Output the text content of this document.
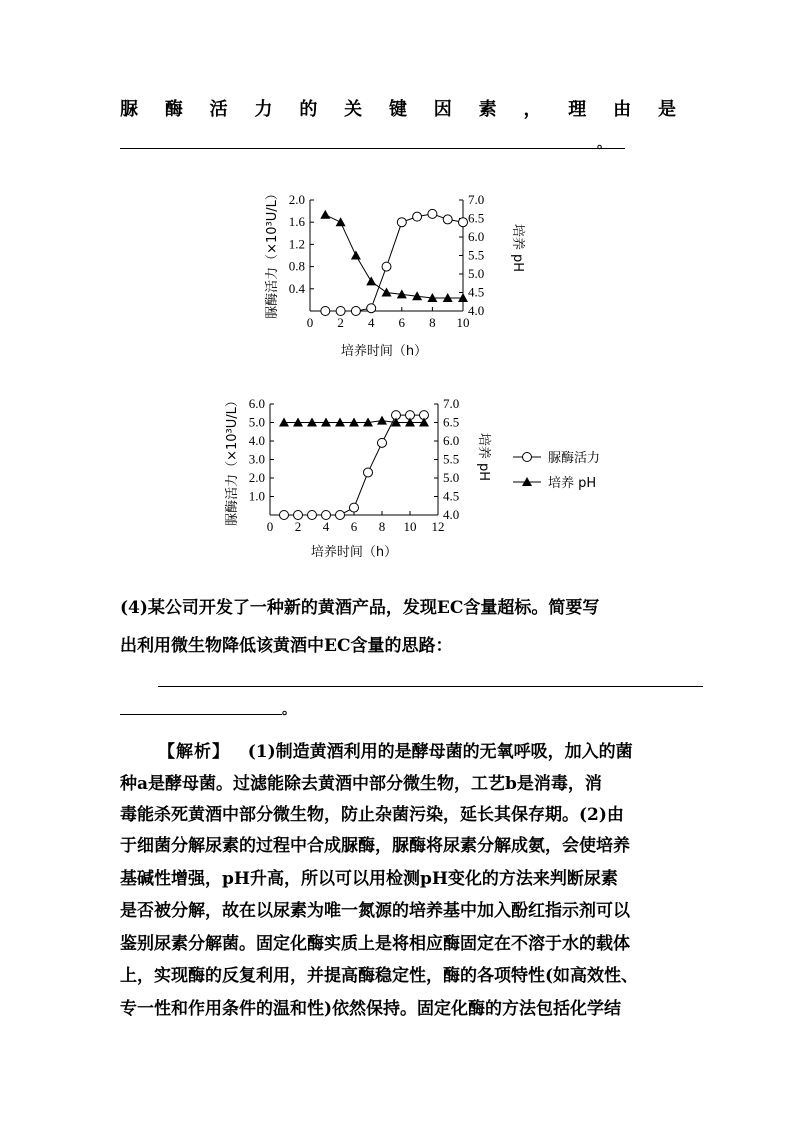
脲 酶 活 力 的 关 键 因 素 ， 理 由 是
。
0 2 4 6 8 10
0.4
0.8
1.2
1.6
2.0
4.0
4.5
5.0
5.5
6.0
6.5
7.0
培养时间（h）
脲酶活力（×10³U/L）	培养 pH
0 2 4 6 8 10 12
1.0
2.0
3.0
4.0
5.0
6.0
4.0
4.5
5.0
5.5
6.0
6.5
7.0
培养时间（h）
脲酶活力（×10³U/L）	培养 pH	脲酶活力
培养 pH
(4)某公司开发了一种新的黄酒产品，发现EC含量超标。简要写
出利用微生物降低该黄酒中EC含量的思路：
。
【解析】 (1)制造黄酒利用的是酵母菌的无氧呼吸，加入的菌
种a是酵母菌。过滤能除去黄酒中部分微生物，工艺b是消毒，消
毒能杀死黄酒中部分微生物，防止杂菌污染，延长其保存期。(2)由
于细菌分解尿素的过程中合成脲酶，脲酶将尿素分解成氨，会使培养
基碱性增强，pH升高，所以可以用检测pH变化的方法来判断尿素
是否被分解，故在以尿素为唯一氮源的培养基中加入酚红指示剂可以
鉴别尿素分解菌。固定化酶实质上是将相应酶固定在不溶于水的载体
上，实现酶的反复利用，并提高酶稳定性，酶的各项特性(如高效性、
专一性和作用条件的温和性)依然保持。固定化酶的方法包括化学结
